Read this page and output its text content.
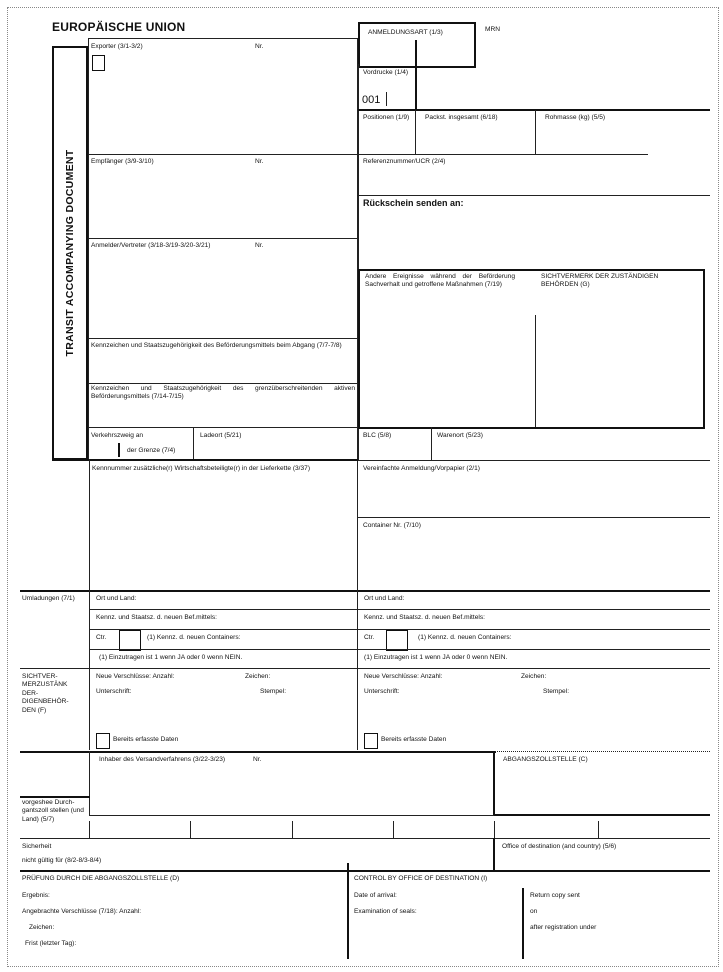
EUROPÄISCHE UNION
TRANSIT ACCOMPANYING DOCUMENT
Exporter (3/1-3/2)	Nr.
Empfänger (3/9-3/10)	Nr.
Anmelder/Vertreter (3/18-3/19-3/20-3/21)	Nr.
Kennzeichen und Staatszugehörigkeit des Beförderungsmittels beim Abgang (7/7-7/8)
Kennzeichen und Staatszugehörigkeit des grenzüberschreitenden aktiven Beförderungsmittels (7/14-7/15)
Verkehrszweig an
der Grenze (7/4)
Ladeort (5/21)
Kennnummer zusätzliche(r) Wirtschaftsbeteiligte(r) in der Lieferkette (3/37)
ANMELDUNGSART (1/3)	MRN
Vordrucke (1/4)
001
Positionen (1/9) Packst. insgesamt (6/18)	Rohmasse (kg) (5/5)
Referenznummer/UCR (2/4)
Rückschein senden an:
Andere Ereignisse während der Beförderung Sachverhalt und getroffene Maßnahmen (7/19)
SICHTVERMERK DER ZUSTÄNDIGEN BEHÖRDEN (G)
BLC (5/8)	Warenort (5/23)
Vereinfachte Anmeldung/Vorpapier (2/1)
Container Nr. (7/10)
Umladungen (7/1)	Ort und Land:	Ort und Land:
Kennz. und Staatsz. d. neuen Bef.mittels:	Kennz. und Staatsz. d. neuen Bef.mittels:
Ctr.	(1) Kennz. d. neuen Containers:	Ctr.	(1) Kennz. d. neuen Containers:
(1) Einzutragen ist 1 wenn JA oder 0 wenn NEIN.	(1) Einzutragen ist 1 wenn JA oder 0 wenn NEIN.
SICHTVER-MERZUSTÄNK DER-DIGENBEHÖR-DEN (F)
Neue Verschlüsse: Anzahl:	Zeichen:
Unterschrift:	Stempel:
Bereits erfasste Daten
Neue Verschlüsse: Anzahl:	Zeichen:
Unterschrift:	Stempel:
Bereits erfasste Daten
Inhaber des Versandverfahrens (3/22-3/23)	Nr.	ABGANGSZOLLSTELLE (C)
vorgeshee Durch-gantszoll stellen (und Land) (5/7)
Sicherheit
nicht gültig für (8/2-8/3-8/4)
Office of destination (and country) (5/6)
PRÜFUNG DURCH DIE ABGANGSZOLLSTELLE (D)
Ergebnis:
Angebrachte Verschlüsse (7/18): Anzahl:
Zeichen:
Frist (letzter Tag):
CONTROL BY OFFICE OF DESTINATION (I)
Date of arrival:
Examination of seals:
Return copy sent
on
after registration under
